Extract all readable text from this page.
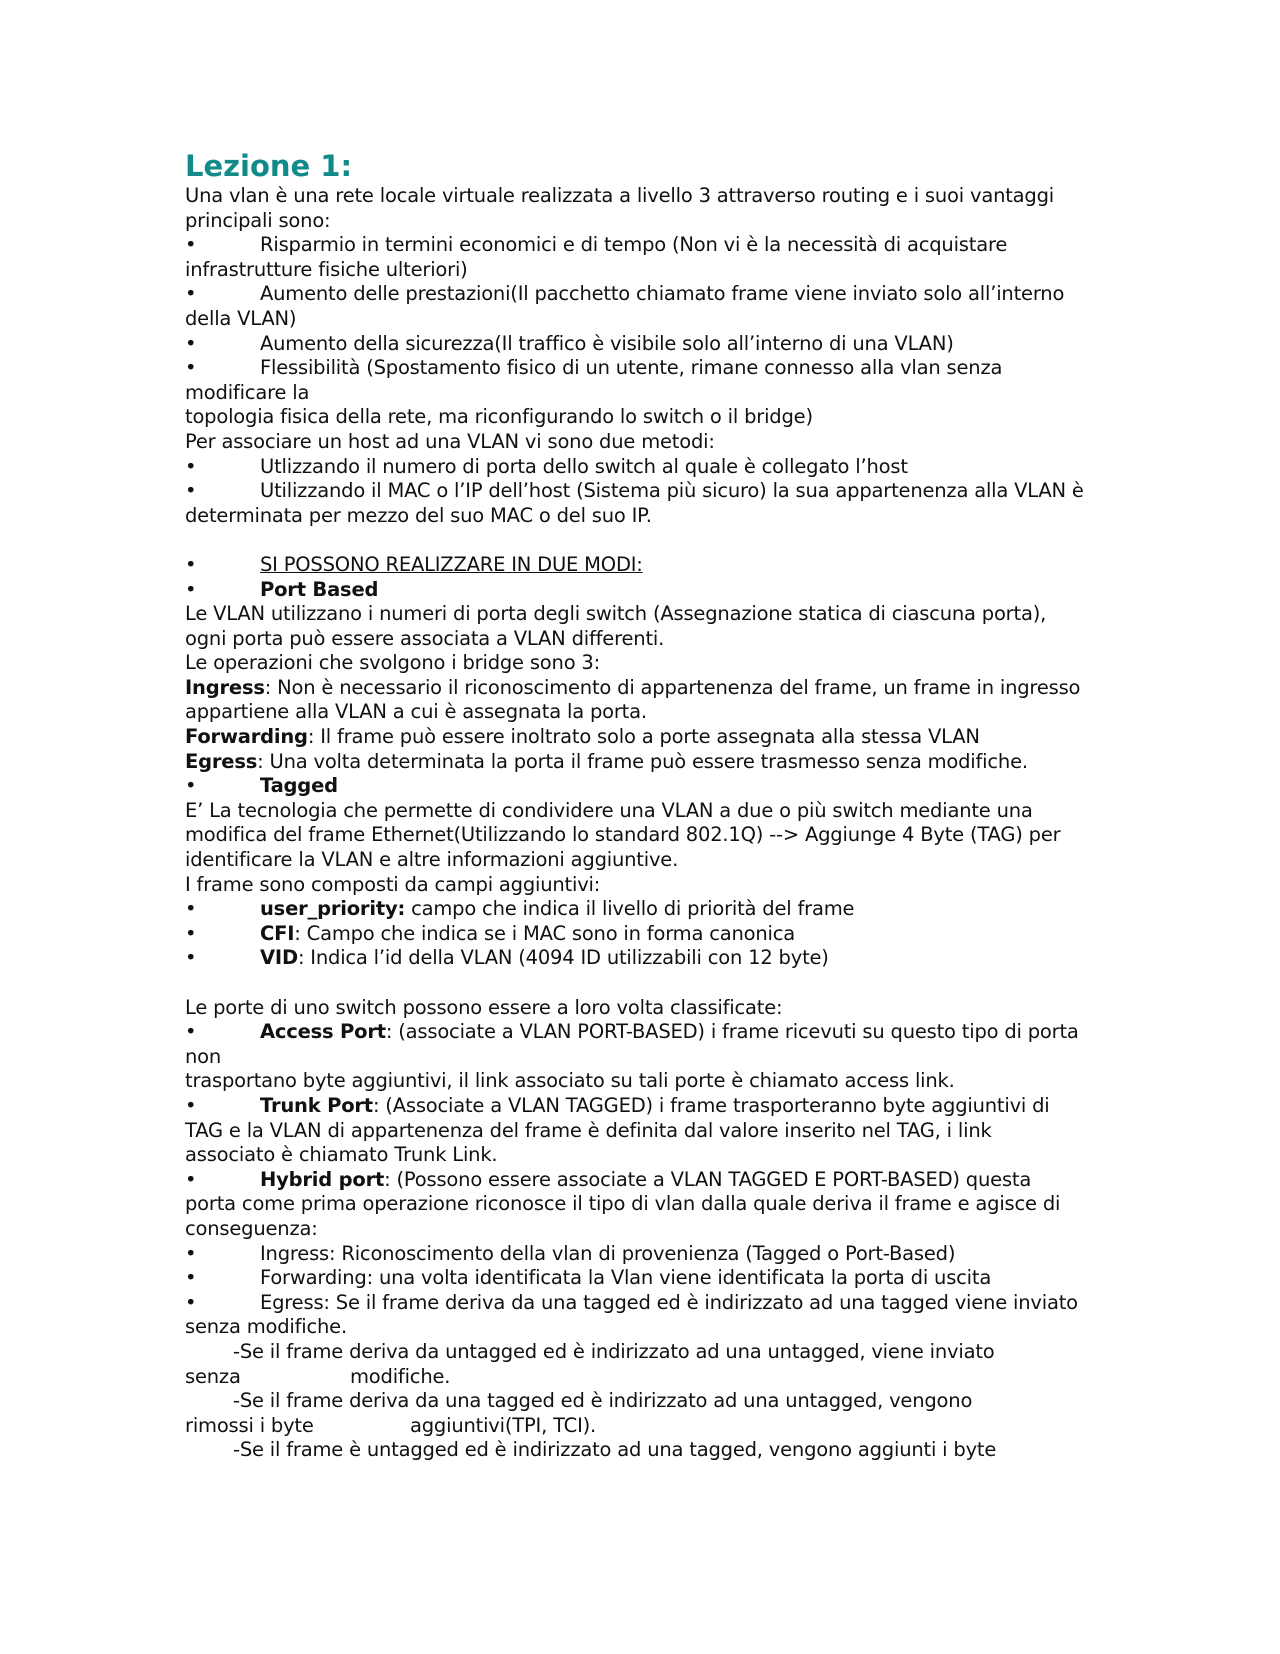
Lezione 1:

Una vlan è una rete locale virtuale realizzata a livello 3 attraverso routing e i suoi vantaggi principali sono:

•	Risparmio in termini economici e di tempo (Non vi è la necessità di acquistare infrastrutture fisiche ulteriori)

•	Aumento delle prestazioni(Il pacchetto chiamato frame viene inviato solo all’interno della VLAN)

•	Aumento della sicurezza(Il traffico è visibile solo all’interno di una VLAN)

•	Flessibilità (Spostamento fisico di un utente, rimane connesso alla vlan senza modificare la

topologia fisica della rete, ma riconfigurando lo switch o il bridge)

Per associare un host ad una VLAN vi sono due metodi:

•	Utlizzando il numero di porta dello switch al quale è collegato l’host

•	Utilizzando il MAC o l’IP dell’host (Sistema più sicuro) la sua appartenenza alla VLAN è determinata per mezzo del suo MAC o del suo IP.

•	SI POSSONO REALIZZARE IN DUE MODI:

•	Port Based

Le VLAN utilizzano i numeri di porta degli switch (Assegnazione statica di ciascuna porta), ogni porta può essere associata a VLAN differenti.

Le operazioni che svolgono i bridge sono 3:

Ingress: Non è necessario il riconoscimento di appartenenza del frame, un frame in ingresso appartiene alla VLAN a cui è assegnata la porta.

Forwarding: Il frame può essere inoltrato solo a porte assegnata alla stessa VLAN

Egress: Una volta determinata la porta il frame può essere trasmesso senza modifiche.

•	Tagged

E’ La tecnologia che permette di condividere una VLAN a due o più switch mediante una modifica del frame Ethernet(Utilizzando lo standard 802.1Q) --> Aggiunge 4 Byte (TAG) per identificare la VLAN e altre informazioni aggiuntive.

I frame sono composti da campi aggiuntivi:

•	user_priority: campo che indica il livello di priorità del frame

•	CFI: Campo che indica se i MAC sono in forma canonica

•	VID: Indica l’id della VLAN (4094 ID utilizzabili con 12 byte)

Le porte di uno switch possono essere a loro volta classificate:

•	Access Port: (associate a VLAN PORT-BASED) i frame ricevuti su questo tipo di porta non

trasportano byte aggiuntivi, il link associato su tali porte è chiamato access link.

•	Trunk Port: (Associate a VLAN TAGGED) i frame trasporteranno byte aggiuntivi di TAG e la VLAN di appartenenza del frame è definita dal valore inserito nel TAG, i link associato è chiamato Trunk Link.

•	Hybrid port: (Possono essere associate a VLAN TAGGED E PORT-BASED) questa porta come prima operazione riconosce il tipo di vlan dalla quale deriva il frame e agisce di conseguenza:

•	Ingress: Riconoscimento della vlan di provenienza (Tagged o Port-Based)

•	Forwarding: una volta identificata la Vlan viene identificata la porta di uscita

•	Egress: Se il frame deriva da una tagged ed è indirizzato ad una tagged viene inviato senza modifiche.

-Se il frame deriva da untagged ed è indirizzato ad una untagged, viene inviato

senza	modifiche.

-Se il frame deriva da una tagged ed è indirizzato ad una untagged, vengono

rimossi i byte	aggiuntivi(TPI, TCI).

-Se il frame è untagged ed è indirizzato ad una tagged, vengono aggiunti i byte
